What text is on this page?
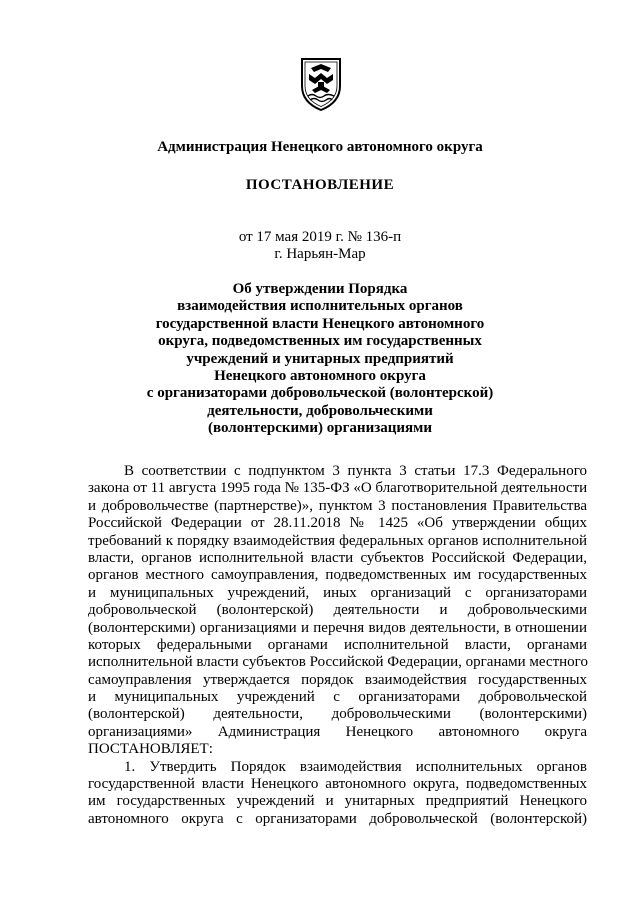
Администрация Ненецкого автономного округа
ПОСТАНОВЛЕНИЕ
от 17 мая 2019 г. № 136-п
г. Нарьян-Мар
Об утверждении Порядка
взаимодействия исполнительных органов
государственной власти Ненецкого автономного
округа, подведомственных им государственных
учреждений и унитарных предприятий
Ненецкого автономного округа
с организаторами добровольческой (волонтерской)
деятельности, добровольческими
(волонтерскими) организациями
В соответствии с подпунктом 3 пункта 3 статьи 17.3 Федерального
закона от 11 августа 1995 года № 135-ФЗ «О благотворительной деятельности
и добровольчестве (партнерстве)», пунктом 3 постановления Правительства
Российской Федерации от 28.11.2018 № 1425 «Об утверждении общих
требований к порядку взаимодействия федеральных органов исполнительной
власти, органов исполнительной власти субъектов Российской Федерации,
органов местного самоуправления, подведомственных им государственных
и муниципальных учреждений, иных организаций с организаторами
добровольческой (волонтерской) деятельности и добровольческими
(волонтерскими) организациями и перечня видов деятельности, в отношении
которых федеральными органами исполнительной власти, органами
исполнительной власти субъектов Российской Федерации, органами местного
самоуправления утверждается порядок взаимодействия государственных
и муниципальных учреждений с организаторами добровольческой
(волонтерской) деятельности, добровольческими (волонтерскими)
организациями» Администрация Ненецкого автономного округа
ПОСТАНОВЛЯЕТ:
1. Утвердить Порядок взаимодействия исполнительных органов
государственной власти Ненецкого автономного округа, подведомственных
им государственных учреждений и унитарных предприятий Ненецкого
автономного округа с организаторами добровольческой (волонтерской)
